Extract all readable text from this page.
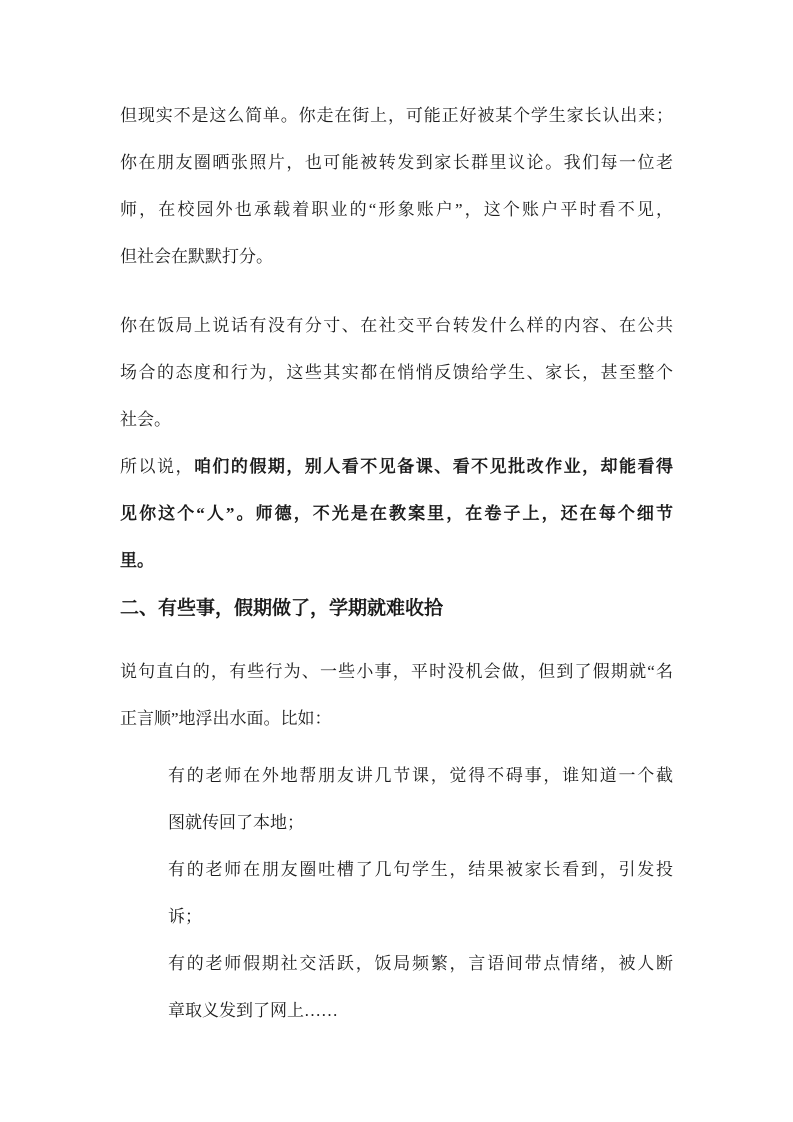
但现实不是这么简单。你走在街上，可能正好被某个学生家长认出来；
你在朋友圈晒张照片，也可能被转发到家长群里议论。我们每一位老
师，在校园外也承载着职业的“形象账户”，这个账户平时看不见，
但社会在默默打分。
你在饭局上说话有没有分寸、在社交平台转发什么样的内容、在公共
场合的态度和行为，这些其实都在悄悄反馈给学生、家长，甚至整个
社会。
所以说，咱们的假期，别人看不见备课、看不见批改作业，却能看得
见你这个“人”。师德，不光是在教案里，在卷子上，还在每个细节
里。
二、有些事，假期做了，学期就难收拾
说句直白的，有些行为、一些小事，平时没机会做，但到了假期就“名
正言顺”地浮出水面。比如：
有的老师在外地帮朋友讲几节课，觉得不碍事，谁知道一个截
图就传回了本地；
有的老师在朋友圈吐槽了几句学生，结果被家长看到，引发投
诉；
有的老师假期社交活跃，饭局频繁，言语间带点情绪，被人断
章取义发到了网上……
